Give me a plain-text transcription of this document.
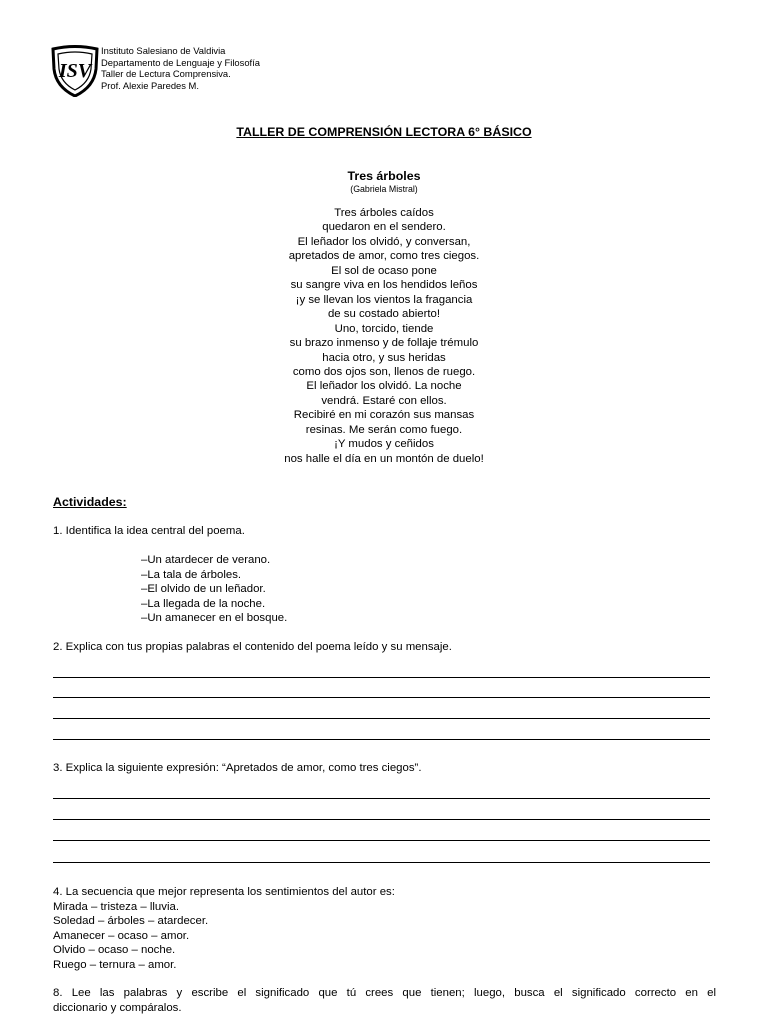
ISV
Instituto Salesiano de Valdivia
Departamento de Lenguaje y Filosofía
Taller de Lectura Comprensiva.
Prof. Alexie Paredes M.
TALLER DE COMPRENSIÓN LECTORA 6° BÁSICO
Tres árboles
(Gabriela Mistral)
Tres árboles caídos
quedaron en el sendero.
El leñador los olvidó, y conversan,
apretados de amor, como tres ciegos.
El sol de ocaso pone
su sangre viva en los hendidos leños
¡y se llevan los vientos la fragancia
de su costado abierto!
Uno, torcido, tiende
su brazo inmenso y de follaje trémulo
hacia otro, y sus heridas
como dos ojos son, llenos de ruego.
El leñador los olvidó. La noche
vendrá. Estaré con ellos.
Recibiré en mi corazón sus mansas
resinas. Me serán como fuego.
¡Y mudos y ceñidos
nos halle el día en un montón de duelo!
Actividades:
1. Identifica la idea central del poema.
–Un atardecer de verano.
–La tala de árboles.
–El olvido de un leñador.
–La llegada de la noche.
–Un amanecer en el bosque.
2. Explica con tus propias palabras el contenido del poema leído y su mensaje.
3. Explica la siguiente expresión: “Apretados de amor, como tres ciegos”.
4. La secuencia que mejor representa los sentimientos del autor es:
Mirada – tristeza – lluvia.
Soledad – árboles – atardecer.
Amanecer – ocaso – amor.
Olvido – ocaso – noche.
Ruego – ternura – amor.
8. Lee las palabras y escribe el significado que tú crees que tienen; luego, busca el significado correcto en el
diccionario y compáralos.
